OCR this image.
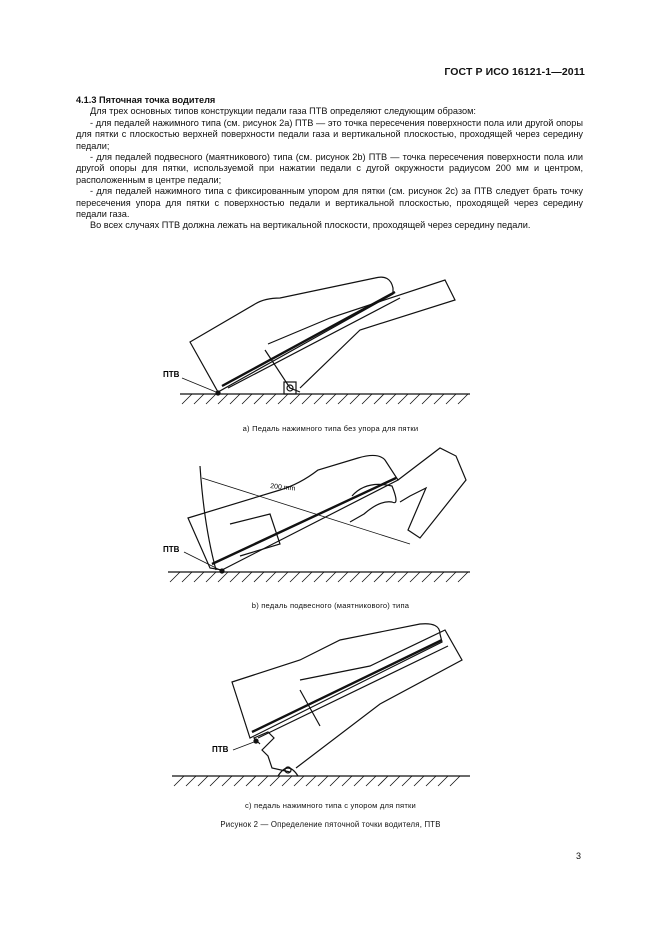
ГОСТ Р ИСО 16121-1—2011

4.1.3 Пяточная точка водителя

Для трех основных типов конструкции педали газа ПТВ определяют следующим образом:

- для педалей нажимного типа (см. рисунок 2a) ПТВ — это точка пересечения поверхности пола или другой опоры для пятки с плоскостью верхней поверхности педали газа и вертикальной плоскостью, проходящей через середину педали;

- для педалей подвесного (маятникового) типа (см. рисунок 2b) ПТВ — точка пересечения поверхности пола или другой опоры для пятки, используемой при нажатии педали с дугой окружности радиусом 200 мм и центром, расположенным в центре педали;

- для педалей нажимного типа с фиксированным упором для пятки (см. рисунок 2c) за ПТВ следует брать точку пересечения упора для пятки с поверхностью педали и вертикальной плоскостью, проходящей через середину педали газа.

Во всех случаях ПТВ должна лежать на вертикальной плоскости, проходящей через середину педали.

ПТВ
a) Педаль нажимного типа без упора для пятки
200 mm
ПТВ
b) педаль подвесного (маятникового) типа
ПТВ
c) педаль нажимного типа с упором для пятки
Рисунок 2 — Определение пяточной точки водителя, ПТВ
3
